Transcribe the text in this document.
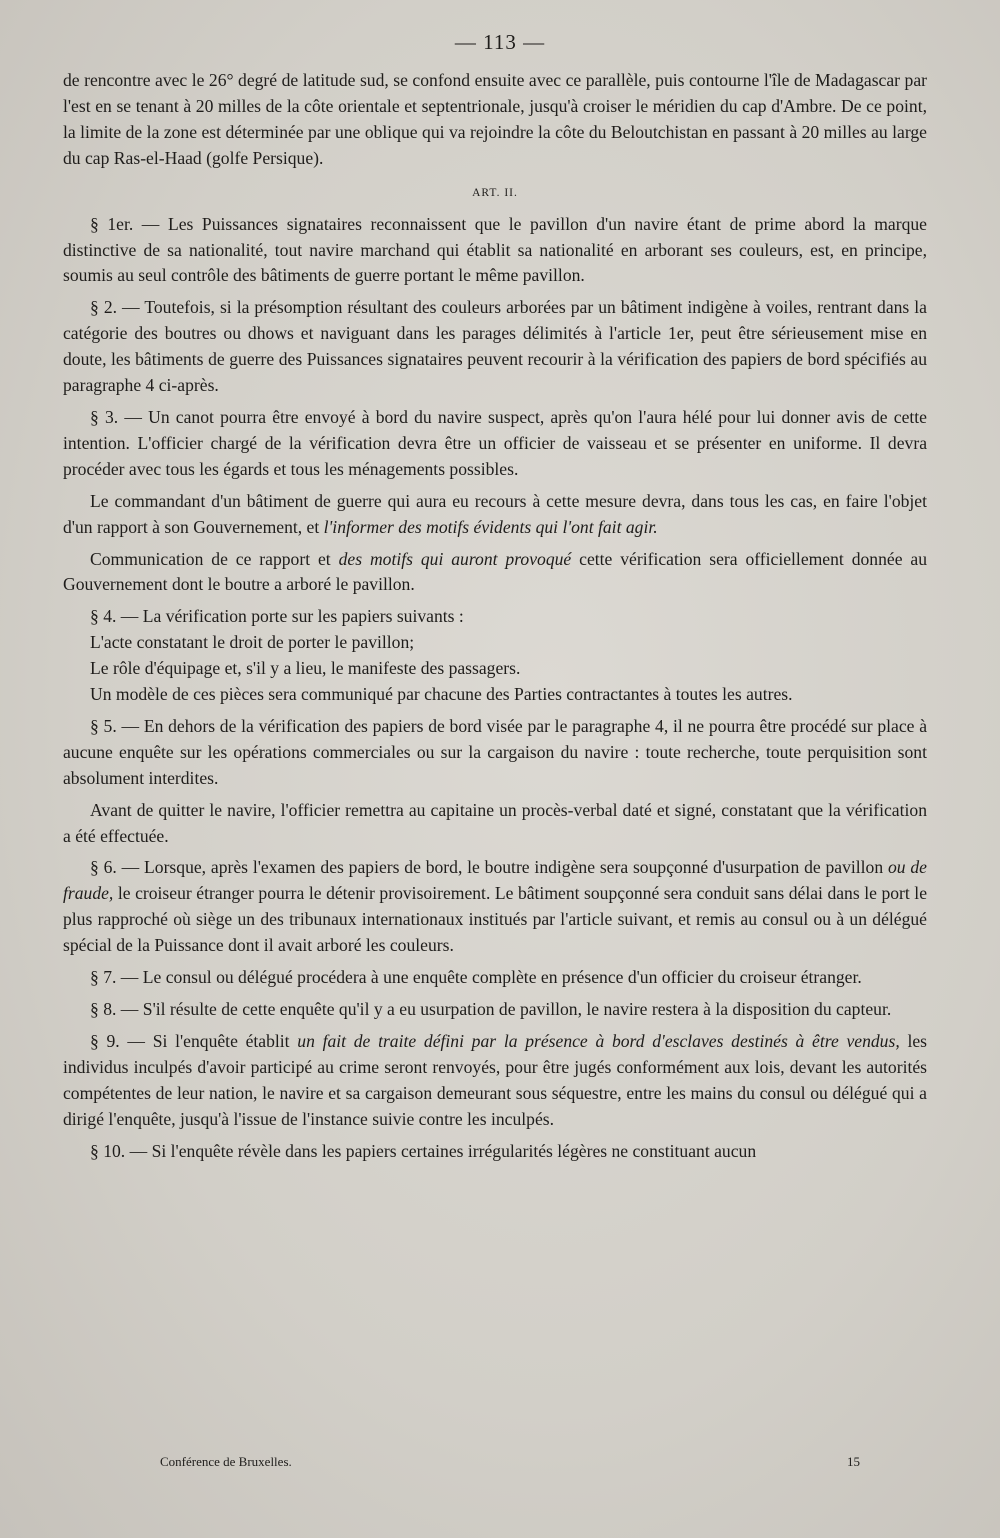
— 113 —

de rencontre avec le 26° degré de latitude sud, se confond ensuite avec ce parallèle, puis contourne l'île de Madagascar par l'est en se tenant à 20 milles de la côte orientale et septentrionale, jusqu'à croiser le méridien du cap d'Ambre. De ce point, la limite de la zone est déterminée par une oblique qui va rejoindre la côte du Beloutchistan en passant à 20 milles au large du cap Ras-el-Haad (golfe Persique).

ART. II.

§ 1er. — Les Puissances signataires reconnaissent que le pavillon d'un navire étant de prime abord la marque distinctive de sa nationalité, tout navire marchand qui établit sa nationalité en arborant ses couleurs, est, en principe, soumis au seul contrôle des bâtiments de guerre portant le même pavillon.

§ 2. — Toutefois, si la présomption résultant des couleurs arborées par un bâtiment indigène à voiles, rentrant dans la catégorie des boutres ou dhows et naviguant dans les parages délimités à l'article 1er, peut être sérieusement mise en doute, les bâtiments de guerre des Puissances signataires peuvent recourir à la vérification des papiers de bord spécifiés au paragraphe 4 ci-après.

§ 3. — Un canot pourra être envoyé à bord du navire suspect, après qu'on l'aura hélé pour lui donner avis de cette intention. L'officier chargé de la vérification devra être un officier de vaisseau et se présenter en uniforme. Il devra procéder avec tous les égards et tous les ménagements possibles.

Le commandant d'un bâtiment de guerre qui aura eu recours à cette mesure devra, dans tous les cas, en faire l'objet d'un rapport à son Gouvernement, et l'informer des motifs évidents qui l'ont fait agir.

Communication de ce rapport et des motifs qui auront provoqué cette vérification sera officiellement donnée au Gouvernement dont le boutre a arboré le pavillon.

§ 4. — La vérification porte sur les papiers suivants :

L'acte constatant le droit de porter le pavillon;

Le rôle d'équipage et, s'il y a lieu, le manifeste des passagers.

Un modèle de ces pièces sera communiqué par chacune des Parties contractantes à toutes les autres.

§ 5. — En dehors de la vérification des papiers de bord visée par le paragraphe 4, il ne pourra être procédé sur place à aucune enquête sur les opérations commerciales ou sur la cargaison du navire : toute recherche, toute perquisition sont absolument interdites.

Avant de quitter le navire, l'officier remettra au capitaine un procès-verbal daté et signé, constatant que la vérification a été effectuée.

§ 6. — Lorsque, après l'examen des papiers de bord, le boutre indigène sera soupçonné d'usurpation de pavillon ou de fraude, le croiseur étranger pourra le détenir provisoirement. Le bâtiment soupçonné sera conduit sans délai dans le port le plus rapproché où siège un des tribunaux internationaux institués par l'article suivant, et remis au consul ou à un délégué spécial de la Puissance dont il avait arboré les couleurs.

§ 7. — Le consul ou délégué procédera à une enquête complète en présence d'un officier du croiseur étranger.

§ 8. — S'il résulte de cette enquête qu'il y a eu usurpation de pavillon, le navire restera à la disposition du capteur.

§ 9. — Si l'enquête établit un fait de traite défini par la présence à bord d'esclaves destinés à être vendus, les individus inculpés d'avoir participé au crime seront renvoyés, pour être jugés conformément aux lois, devant les autorités compétentes de leur nation, le navire et sa cargaison demeurant sous séquestre, entre les mains du consul ou délégué qui a dirigé l'enquête, jusqu'à l'issue de l'instance suivie contre les inculpés.

§ 10. — Si l'enquête révèle dans les papiers certaines irrégularités légères ne constituant aucun

Conférence de Bruxelles.	15
